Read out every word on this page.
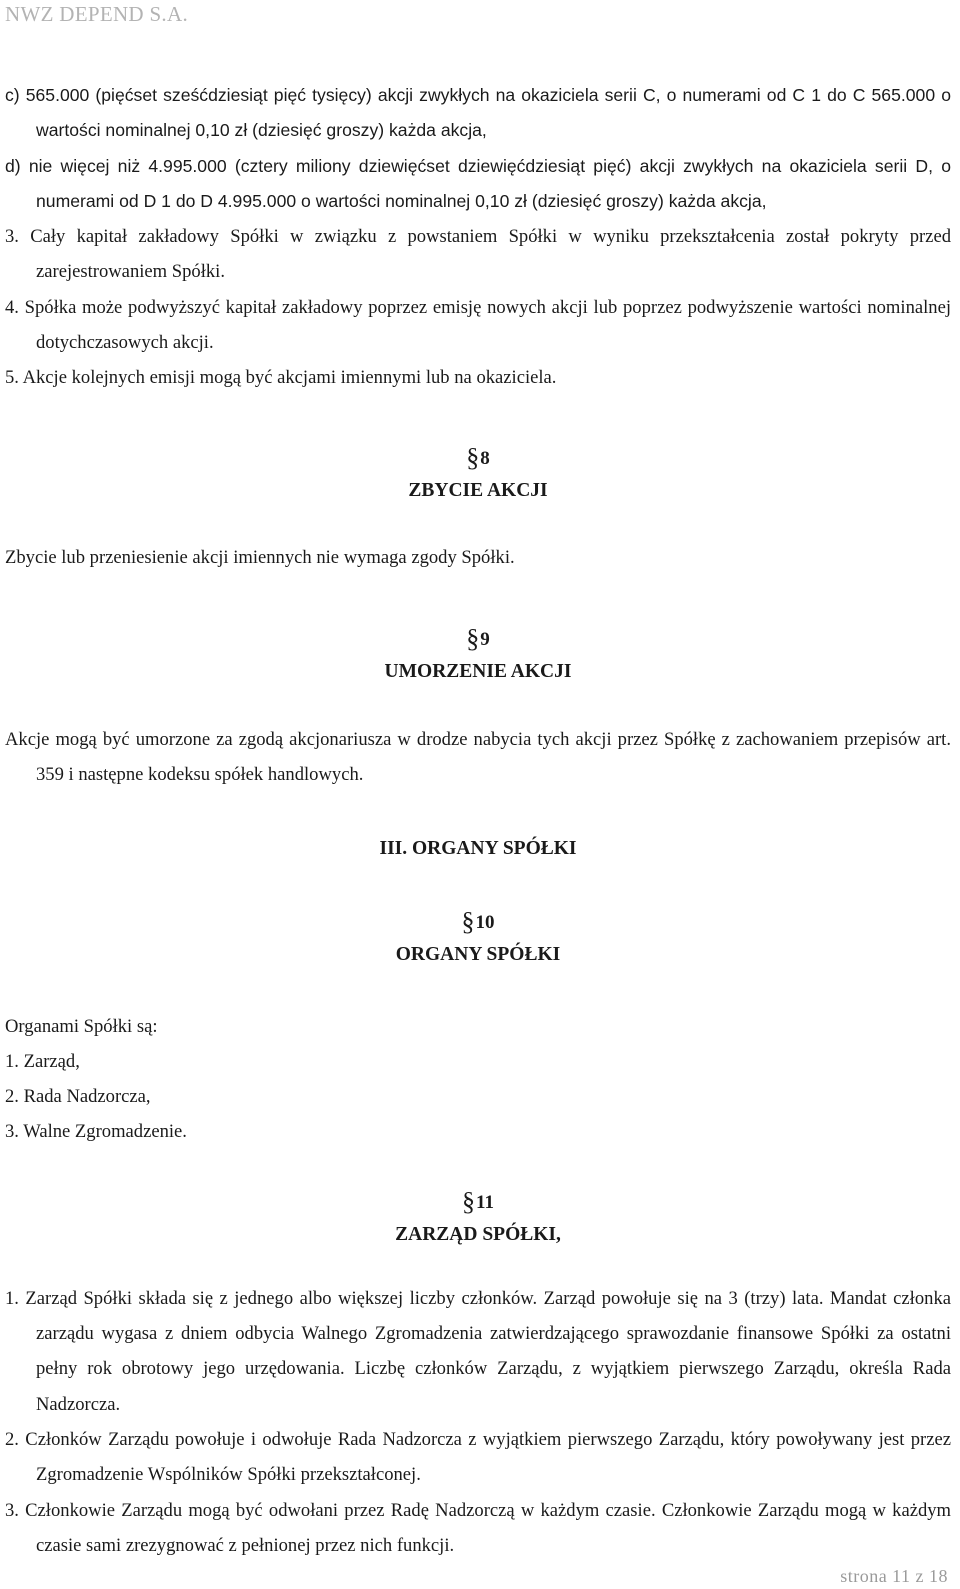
NWZ DEPEND S.A.
c) 565.000 (pięćset sześćdziesiąt pięć tysięcy) akcji zwykłych na okaziciela serii C, o numerami od C 1 do C 565.000 o wartości nominalnej 0,10 zł (dziesięć groszy) każda akcja,
d) nie więcej niż 4.995.000 (cztery miliony dziewięćset dziewięćdziesiąt pięć) akcji zwykłych na okaziciela serii D, o numerami od D 1 do D 4.995.000 o wartości nominalnej 0,10 zł (dziesięć groszy) każda akcja,
3. Cały kapitał zakładowy Spółki w związku z powstaniem Spółki w wyniku przekształcenia został pokryty przed zarejestrowaniem Spółki.
4. Spółka może podwyższyć kapitał zakładowy poprzez emisję nowych akcji lub poprzez podwyższenie wartości nominalnej dotychczasowych akcji.
5. Akcje kolejnych emisji mogą być akcjami imiennymi lub na okaziciela.
§8
ZBYCIE AKCJI
Zbycie lub przeniesienie akcji imiennych nie wymaga zgody Spółki.
§9
UMORZENIE AKCJI
Akcje mogą być umorzone za zgodą akcjonariusza w drodze nabycia tych akcji przez Spółkę z zachowaniem przepisów art. 359 i następne kodeksu spółek handlowych.
III. ORGANY SPÓŁKI
§10
ORGANY SPÓŁKI
Organami Spółki są:
1. Zarząd,
2. Rada Nadzorcza,
3. Walne Zgromadzenie.
§11
ZARZĄD SPÓŁKI,
1. Zarząd Spółki składa się z jednego albo większej liczby członków. Zarząd powołuje się na 3 (trzy) lata. Mandat członka zarządu wygasa z dniem odbycia Walnego Zgromadzenia zatwierdzającego sprawozdanie finansowe Spółki za ostatni pełny rok obrotowy jego urzędowania. Liczbę członków Zarządu, z wyjątkiem pierwszego Zarządu, określa Rada Nadzorcza.
2. Członków Zarządu powołuje i odwołuje Rada Nadzorcza z wyjątkiem pierwszego Zarządu, który powoływany jest przez Zgromadzenie Wspólników Spółki przekształconej.
3. Członkowie Zarządu mogą być odwołani przez Radę Nadzorczą w każdym czasie. Członkowie Zarządu mogą w każdym czasie sami zrezygnować z pełnionej przez nich funkcji.
strona 11 z 18
